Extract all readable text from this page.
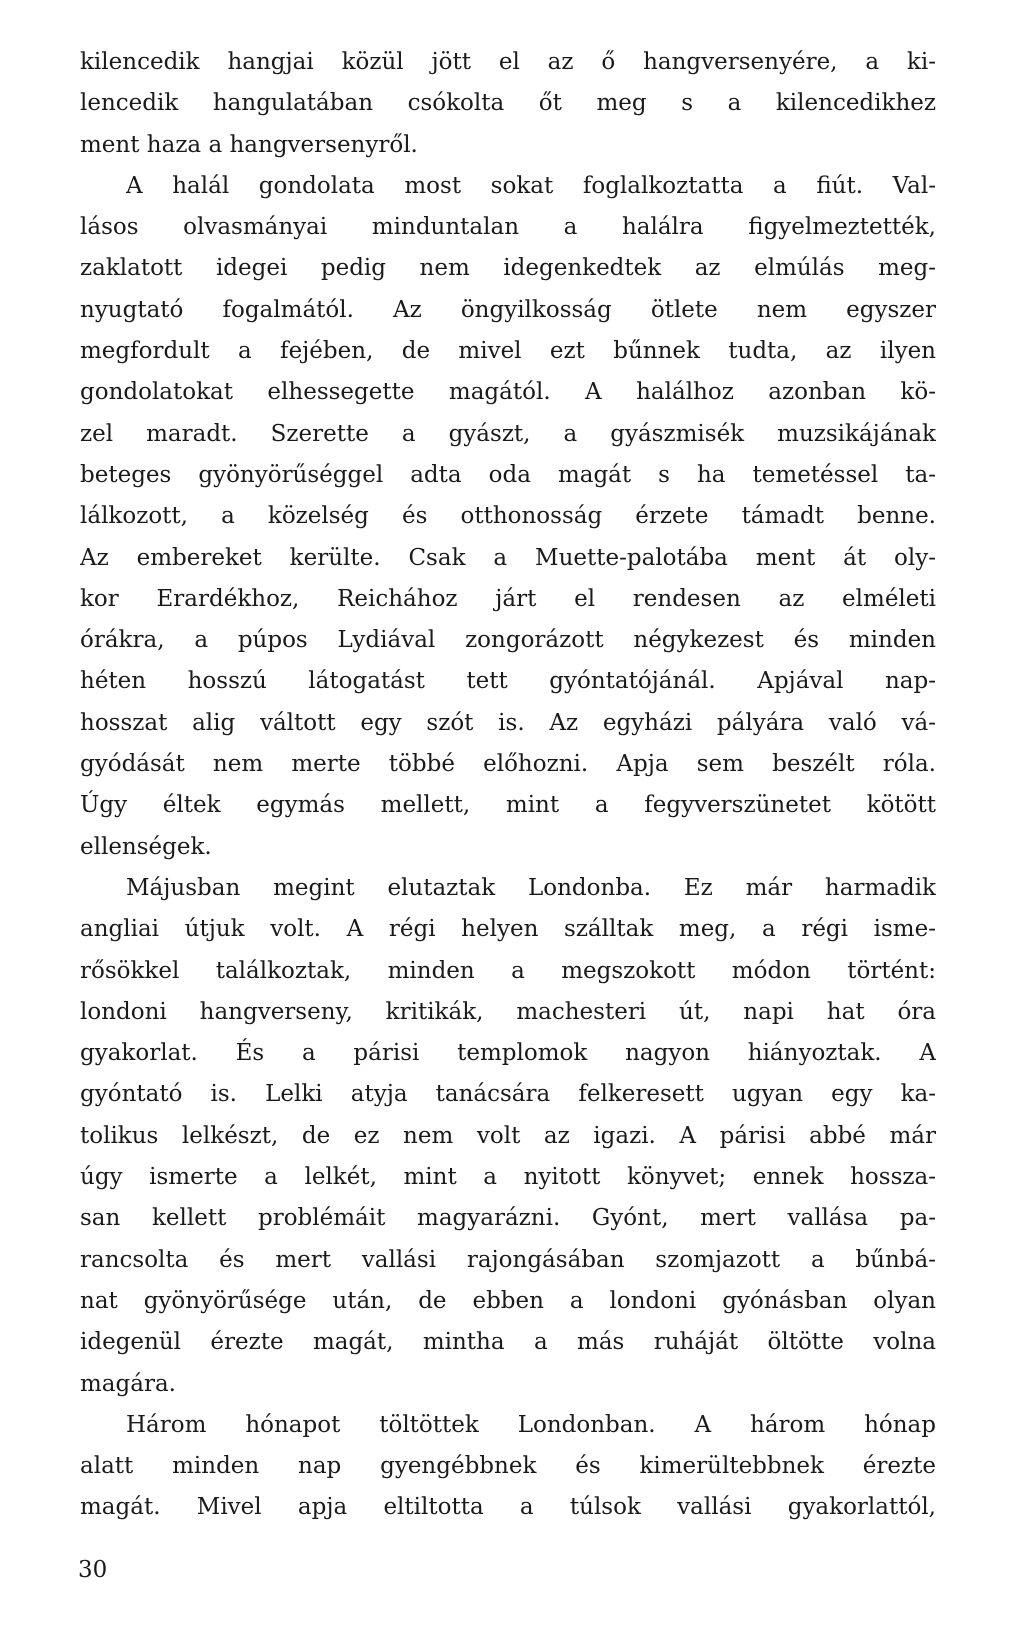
kilencedik hangjai közül jött el az ő hangversenyére, a ki-
lencedik hangulatában csókolta őt meg s a kilencedikhez
ment haza a hangversenyről.
A halál gondolata most sokat foglalkoztatta a fiút. Val-
lásos olvasmányai minduntalan a halálra figyelmeztették,
zaklatott idegei pedig nem idegenkedtek az elmúlás meg-
nyugtató fogalmától. Az öngyilkosság ötlete nem egyszer
megfordult a fejében, de mivel ezt bűnnek tudta, az ilyen
gondolatokat elhessegette magától. A halálhoz azonban kö-
zel maradt. Szerette a gyászt, a gyászmisék muzsikájának
beteges gyönyörűséggel adta oda magát s ha temetéssel ta-
lálkozott, a közelség és otthonosság érzete támadt benne.
Az embereket kerülte. Csak a Muette-palotába ment át oly-
kor Erardékhoz, Reichához járt el rendesen az elméleti
órákra, a púpos Lydiával zongorázott négykezest és minden
héten hosszú látogatást tett gyóntatójánál. Apjával nap-
hosszat alig váltott egy szót is. Az egyházi pályára való vá-
gyódását nem merte többé előhozni. Apja sem beszélt róla.
Úgy éltek egymás mellett, mint a fegyverszünetet kötött
ellenségek.
Májusban megint elutaztak Londonba. Ez már harmadik
angliai útjuk volt. A régi helyen szálltak meg, a régi isme-
rősökkel találkoztak, minden a megszokott módon történt:
londoni hangverseny, kritikák, machesteri út, napi hat óra
gyakorlat. És a párisi templomok nagyon hiányoztak. A
gyóntató is. Lelki atyja tanácsára felkeresett ugyan egy ka-
tolikus lelkészt, de ez nem volt az igazi. A párisi abbé már
úgy ismerte a lelkét, mint a nyitott könyvet; ennek hossza-
san kellett problémáit magyarázni. Gyónt, mert vallása pa-
rancsolta és mert vallási rajongásában szomjazott a bűnbá-
nat gyönyörűsége után, de ebben a londoni gyónásban olyan
idegenül érezte magát, mintha a más ruháját öltötte volna
magára.
Három hónapot töltöttek Londonban. A három hónap
alatt minden nap gyengébbnek és kimerültebbnek érezte
magát. Mivel apja eltiltotta a túlsok vallási gyakorlattól,
30
